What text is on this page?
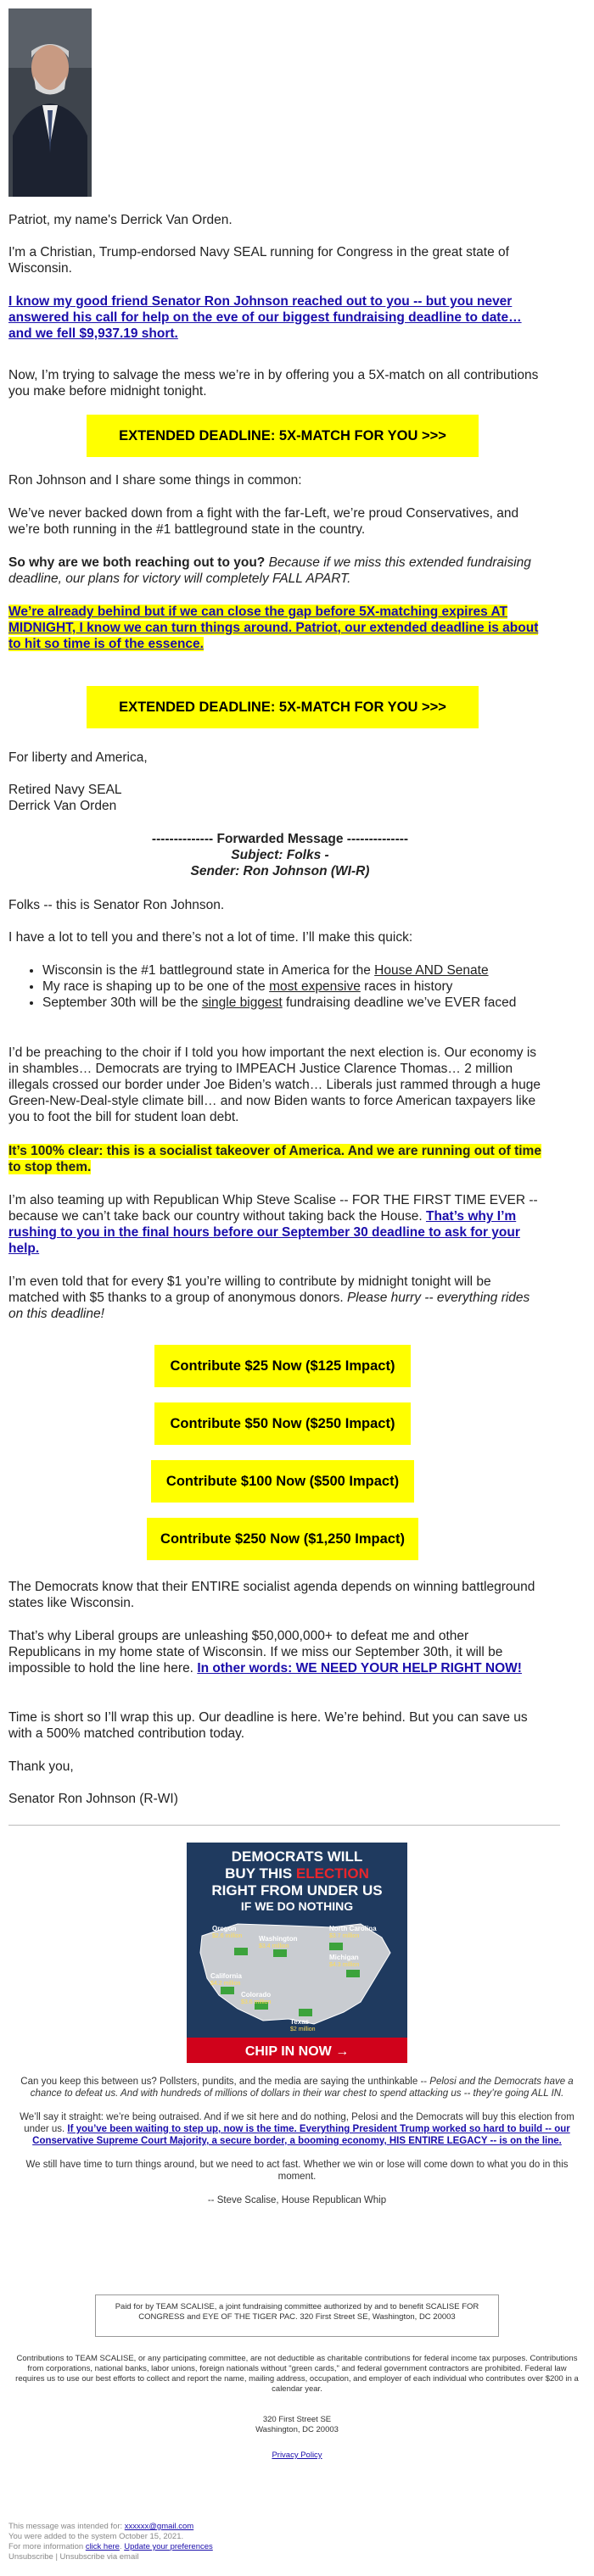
Patriot, my name's Derrick Van Orden.

I'm a Christian, Trump-endorsed Navy SEAL running for Congress in the great state of Wisconsin.

I know my good friend Senator Ron Johnson reached out to you -- but you never answered his call for help on the eve of our biggest fundraising deadline to date… and we fell $9,937.19 short.

Now, I’m trying to salvage the mess we’re in by offering you a 5X-match on all contributions you make before midnight tonight.

EXTENDED DEADLINE: 5X-MATCH FOR YOU >>>

Ron Johnson and I share some things in common:

We’ve never backed down from a fight with the far-Left, we’re proud Conservatives, and we’re both running in the #1 battleground state in the country.

So why are we both reaching out to you? Because if we miss this extended fundraising deadline, our plans for victory will completely FALL APART.

We’re already behind but if we can close the gap before 5X-matching expires AT MIDNIGHT, I know we can turn things around. Patriot, our extended deadline is about to hit so time is of the essence.

EXTENDED DEADLINE: 5X-MATCH FOR YOU >>>

For liberty and America,

Retired Navy SEAL

Derrick Van Orden

-------------- Forwarded Message --------------

Subject: Folks -

Sender: Ron Johnson (WI-R)

Folks -- this is Senator Ron Johnson.

I have a lot to tell you and there’s not a lot of time. I’ll make this quick:

• Wisconsin is the #1 battleground state in America for the House AND Senate
• My race is shaping up to be one of the most expensive races in history
• September 30th will be the single biggest fundraising deadline we’ve EVER faced

I’d be preaching to the choir if I told you how important the next election is. Our economy is in shambles… Democrats are trying to IMPEACH Justice Clarence Thomas… 2 million illegals crossed our border under Joe Biden’s watch… Liberals just rammed through a huge Green-New-Deal-style climate bill… and now Biden wants to force American taxpayers like you to foot the bill for student loan debt.

It’s 100% clear: this is a socialist takeover of America. And we are running out of time to stop them.

I’m also teaming up with Republican Whip Steve Scalise -- FOR THE FIRST TIME EVER -- because we can’t take back our country without taking back the House. That’s why I’m rushing to you in the final hours before our September 30 deadline to ask for your help.

I’m even told that for every $1 you’re willing to contribute by midnight tonight will be matched with $5 thanks to a group of anonymous donors. Please hurry -- everything rides on this deadline!

Contribute $25 Now ($125 Impact)
Contribute $50 Now ($250 Impact)
Contribute $100 Now ($500 Impact)
Contribute $250 Now ($1,250 Impact)

The Democrats know that their ENTIRE socialist agenda depends on winning battleground states like Wisconsin.

That’s why Liberal groups are unleashing $50,000,000+ to defeat me and other Republicans in my home state of Wisconsin. If we miss our September 30th, it will be impossible to hold the line here. In other words: WE NEED YOUR HELP RIGHT NOW!

Time is short so I’ll wrap this up. Our deadline is here. We’re behind. But you can save us with a 500% matched contribution today.

Thank you,

Senator Ron Johnson (R-WI)

DEMOCRATS WILL
BUY THIS ELECTION
RIGHT FROM UNDER US
IF WE DO NOTHING
Oregon
$2.6 million Washington
$3.4 million
North Carolina
$3.7 million
Michigan
$4.3 million
California
$4.2 million
Colorado
$3.6 million
Texas
$2 million
CHIP IN NOW →

Can you keep this between us? Pollsters, pundits, and the media are saying the unthinkable -- Pelosi and the Democrats have a chance to defeat us. And with hundreds of millions of dollars in their war chest to spend attacking us -- they’re going ALL IN.

We’ll say it straight: we’re being outraised. And if we sit here and do nothing, Pelosi and the Democrats will buy this election from under us. If you’ve been waiting to step up, now is the time. Everything President Trump worked so hard to build -- our Conservative Supreme Court Majority, a secure border, a booming economy, HIS ENTIRE LEGACY -- is on the line.

We still have time to turn things around, but we need to act fast. Whether we win or lose will come down to what you do in this moment.

-- Steve Scalise, House Republican Whip

Paid for by TEAM SCALISE, a joint fundraising committee authorized by and to benefit SCALISE FOR CONGRESS and EYE OF THE TIGER PAC. 320 First Street SE, Washington, DC 20003

Contributions to TEAM SCALISE, or any participating committee, are not deductible as charitable contributions for federal income tax purposes. Contributions from corporations, national banks, labor unions, foreign nationals without "green cards," and federal government contractors are prohibited. Federal law requires us to use our best efforts to collect and report the name, mailing address, occupation, and employer of each individual who contributes over $200 in a calendar year.

320 First Street SE

Washington, DC 20003

Privacy Policy

This message was intended for: xxxxxx@gmail.com

You were added to the system October 15, 2021.

For more information click here. Update your preferences

Unsubscribe | Unsubscribe via email
